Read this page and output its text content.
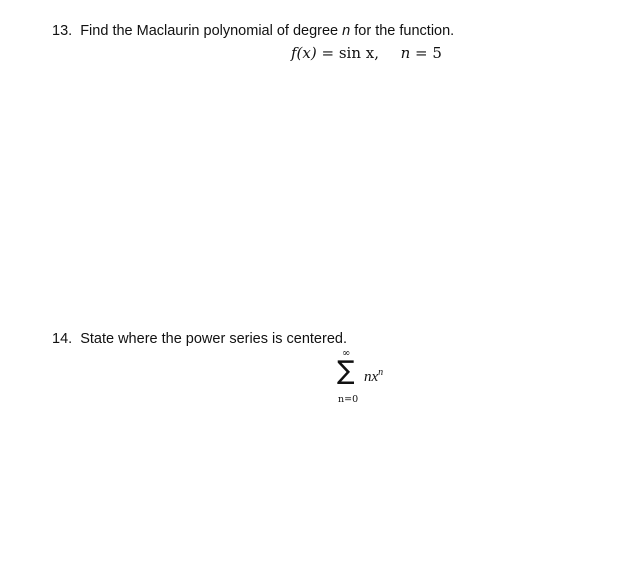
13. Find the Maclaurin polynomial of degree n for the function.
f(x) = sin x, n = 5
14. State where the power series is centered.
∞
∑ $nx^n$
n=0
